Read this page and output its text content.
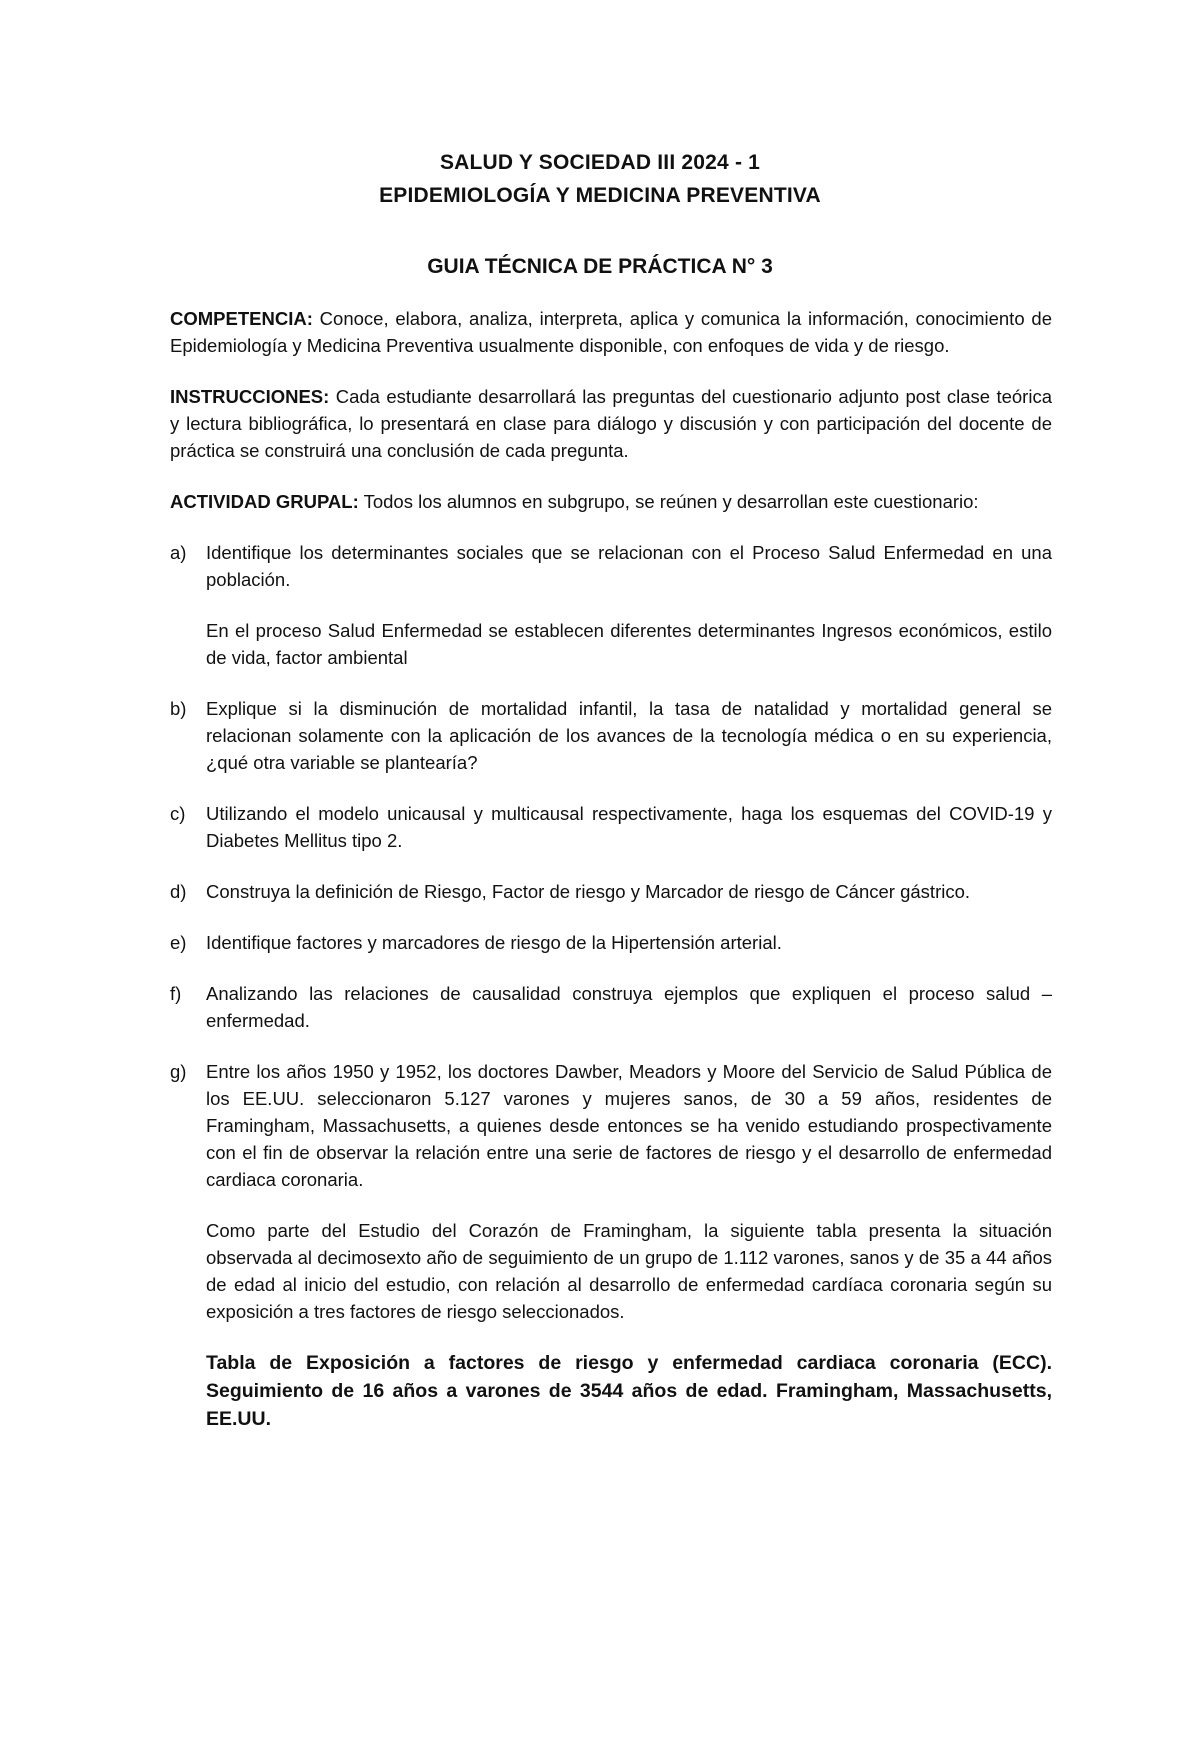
SALUD Y SOCIEDAD III 2024 - 1
EPIDEMIOLOGÍA Y MEDICINA PREVENTIVA
GUIA TÉCNICA DE PRÁCTICA N° 3

COMPETENCIA: Conoce, elabora, analiza, interpreta, aplica y comunica la información, conocimiento de Epidemiología y Medicina Preventiva usualmente disponible, con enfoques de vida y de riesgo.

INSTRUCCIONES: Cada estudiante desarrollará las preguntas del cuestionario adjunto post clase teórica y lectura bibliográfica, lo presentará en clase para diálogo y discusión y con participación del docente de práctica se construirá una conclusión de cada pregunta.

ACTIVIDAD GRUPAL: Todos los alumnos en subgrupo, se reúnen y desarrollan este cuestionario:

a) Identifique los determinantes sociales que se relacionan con el Proceso Salud Enfermedad en una población.
En el proceso Salud Enfermedad se establecen diferentes determinantes Ingresos económicos, estilo de vida, factor ambiental
b) Explique si la disminución de mortalidad infantil, la tasa de natalidad y mortalidad general se relacionan solamente con la aplicación de los avances de la tecnología médica o en su experiencia, ¿qué otra variable se plantearía?
c) Utilizando el modelo unicausal y multicausal respectivamente, haga los esquemas del COVID-19 y Diabetes Mellitus tipo 2.
d) Construya la definición de Riesgo, Factor de riesgo y Marcador de riesgo de Cáncer gástrico.
e) Identifique factores y marcadores de riesgo de la Hipertensión arterial.
f) Analizando las relaciones de causalidad construya ejemplos que expliquen el proceso salud – enfermedad.
g) Entre los años 1950 y 1952, los doctores Dawber, Meadors y Moore del Servicio de Salud Pública de los EE.UU. seleccionaron 5.127 varones y mujeres sanos, de 30 a 59 años, residentes de Framingham, Massachusetts, a quienes desde entonces se ha venido estudiando prospectivamente con el fin de observar la relación entre una serie de factores de riesgo y el desarrollo de enfermedad cardiaca coronaria.
Como parte del Estudio del Corazón de Framingham, la siguiente tabla presenta la situación observada al decimosexto año de seguimiento de un grupo de 1.112 varones, sanos y de 35 a 44 años de edad al inicio del estudio, con relación al desarrollo de enfermedad cardíaca coronaria según su exposición a tres factores de riesgo seleccionados.
Tabla de Exposición a factores de riesgo y enfermedad cardiaca coronaria (ECC). Seguimiento de 16 años a varones de 3544 años de edad. Framingham, Massachusetts, EE.UU.
